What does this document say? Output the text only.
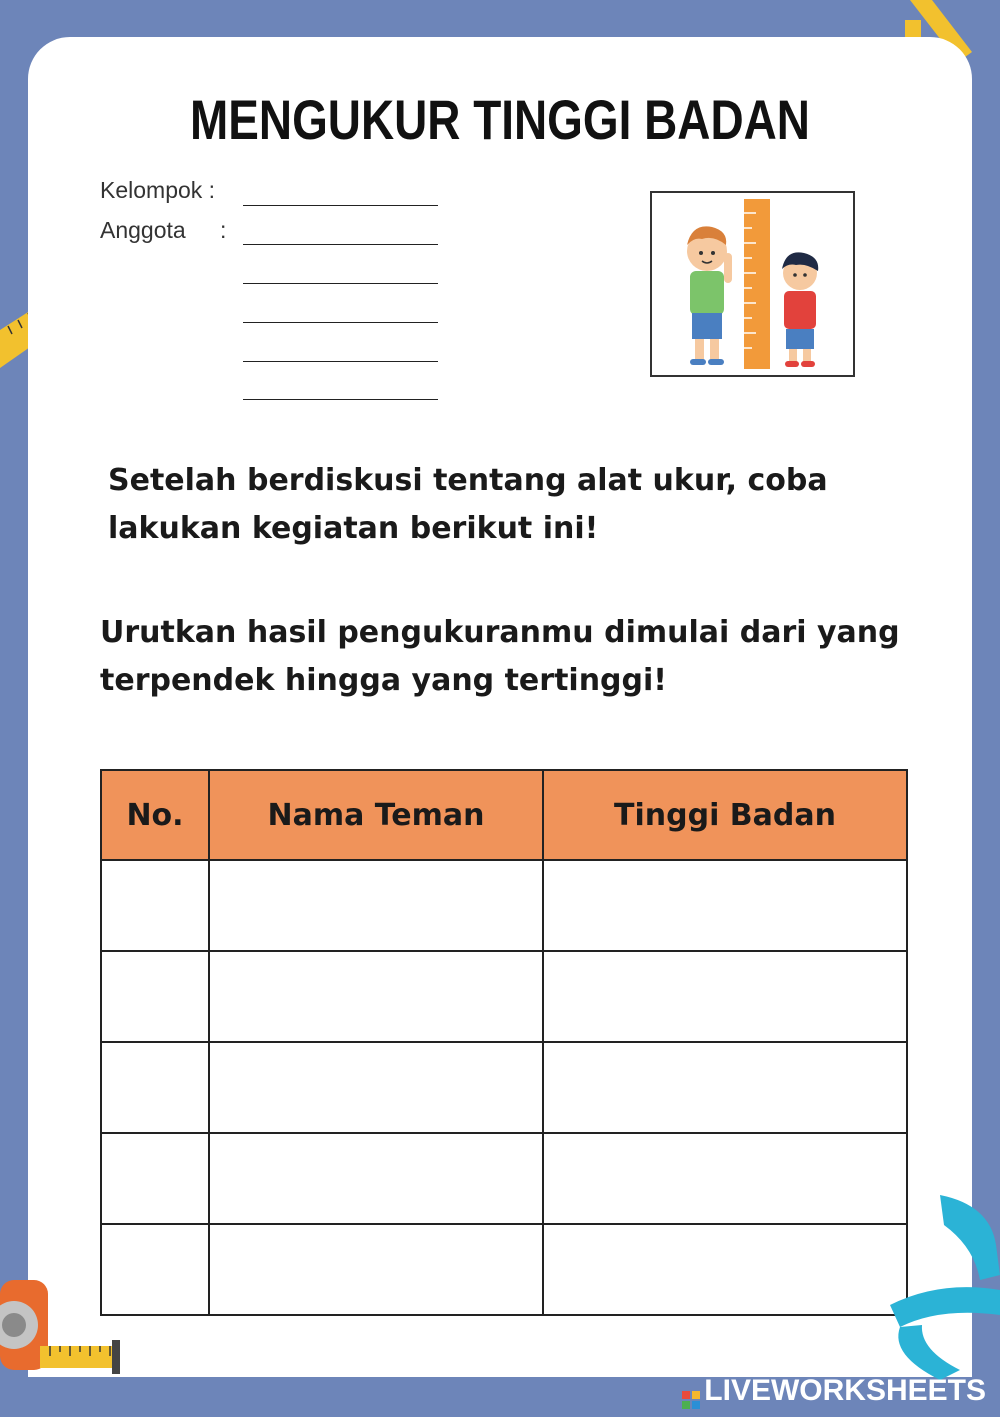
MENGUKUR TINGGI BADAN
Kelompok :
Anggota :
Setelah berdiskusi tentang alat ukur, coba
lakukan kegiatan berikut ini!
Urutkan hasil pengukuranmu dimulai dari yang
terpendek hingga yang tertinggi!
No.	Nama Teman	Tinggi Badan

LIVEWORKSHEETS
